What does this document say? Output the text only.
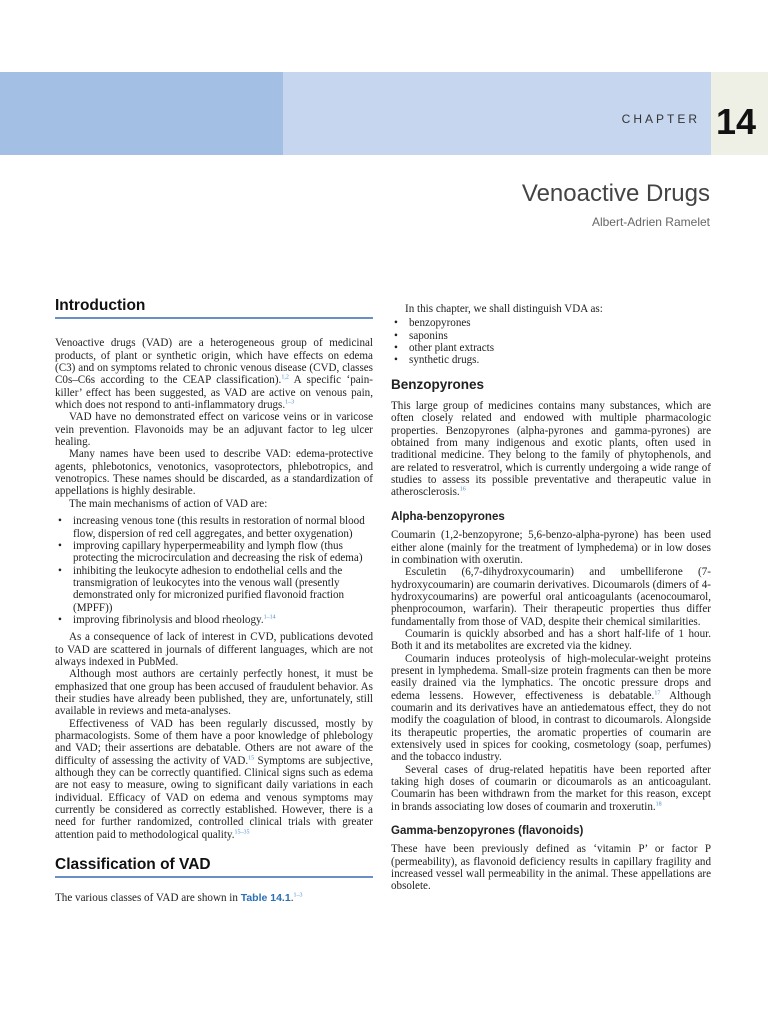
CHAPTER 14
Venoactive Drugs
Albert-Adrien Ramelet
Introduction

Venoactive drugs (VAD) are a heterogeneous group of medicinal products, of plant or synthetic origin, which have effects on edema (C3) and on symptoms related to chronic venous disease (CVD, classes C0s–C6s according to the CEAP classification).$^{1,2}$ A specific ‘pain-killer’ effect has been suggested, as VAD are active on venous pain, which does not respond to anti-inflammatory drugs.$^{1-3}$

VAD have no demonstrated effect on varicose veins or in varicose vein prevention. Flavonoids may be an adjuvant factor to leg ulcer healing.

Many names have been used to describe VAD: edema-protective agents, phlebotonics, venotonics, vasoprotectors, phlebotropics, and venotropics. These names should be discarded, as a standardization of appellations is highly desirable.

The main mechanisms of action of VAD are:

• increasing venous tone (this results in restoration of normal blood flow, dispersion of red cell aggregates, and better oxygenation)
• improving capillary hyperpermeability and lymph flow (thus protecting the microcirculation and decreasing the risk of edema)
• inhibiting the leukocyte adhesion to endothelial cells and the transmigration of leukocytes into the venous wall (presently demonstrated only for micronized purified flavonoid fraction (MPFF))
• improving fibrinolysis and blood rheology.$^{1-14}$

As a consequence of lack of interest in CVD, publications devoted to VAD are scattered in journals of different languages, which are not always indexed in PubMed.

Although most authors are certainly perfectly honest, it must be emphasized that one group has been accused of fraudulent behavior. As their studies have already been published, they are, unfortunately, still available in reviews and meta-analyses.

Effectiveness of VAD has been regularly discussed, mostly by pharmacologists. Some of them have a poor knowledge of phlebology and VAD; their assertions are debatable. Others are not aware of the difficulty of assessing the activity of VAD.$^{15}$ Symptoms are subjective, although they can be correctly quantified. Clinical signs such as edema are not easy to measure, owing to significant daily variations in each individual. Efficacy of VAD on edema and venous symptoms may currently be considered as correctly established. However, there is a need for further randomized, controlled clinical trials with greater attention paid to methodological quality.$^{15-35}$

Classification of VAD

The various classes of VAD are shown in Table 14.1.$^{1-3}$

In this chapter, we shall distinguish VDA as:

• benzopyrones
• saponins
• other plant extracts
• synthetic drugs.
Benzopyrones

This large group of medicines contains many substances, which are often closely related and endowed with multiple pharmacologic properties. Benzopyrones (alpha-pyrones and gamma-pyrones) are obtained from many indigenous and exotic plants, often used in traditional medicine. They belong to the family of phytophenols, and are related to resveratrol, which is currently undergoing a wide range of studies to assess its possible preventative and therapeutic value in atherosclerosis.$^{16}$

Alpha-benzopyrones

Coumarin (1,2-benzopyrone; 5,6-benzo-alpha-pyrone) has been used either alone (mainly for the treatment of lymphedema) or in low doses in combination with oxerutin.

Esculetin (6,7-dihydroxycoumarin) and umbelliferone (7-hydroxycoumarin) are coumarin derivatives. Dicoumarols (dimers of 4-hydroxycoumarins) are powerful oral anticoagulants (acenocoumarol, phenprocoumon, warfarin). Their therapeutic properties thus differ fundamentally from those of VAD, despite their chemical similarities.

Coumarin is quickly absorbed and has a short half-life of 1 hour. Both it and its metabolites are excreted via the kidney.

Coumarin induces proteolysis of high-molecular-weight proteins present in lymphedema. Small-size protein fragments can then be more easily drained via the lymphatics. The oncotic pressure drops and edema lessens. However, effectiveness is debatable.$^{17}$ Although coumarin and its derivatives have an antiedematous effect, they do not modify the coagulation of blood, in contrast to dicoumarols. Alongside its therapeutic properties, the aromatic properties of coumarin are extensively used in spices for cooking, cosmetology (soap, perfumes) and the tobacco industry.

Several cases of drug-related hepatitis have been reported after taking high doses of coumarin or dicoumarols as an anticoagulant. Coumarin has been withdrawn from the market for this reason, except in brands associating low doses of coumarin and troxerutin.$^{18}$

Gamma-benzopyrones (flavonoids)

These have been previously defined as ‘vitamin P’ or factor P (permeability), as flavonoid deficiency results in capillary fragility and increased vessel wall permeability in the animal. These appellations are obsolete.
